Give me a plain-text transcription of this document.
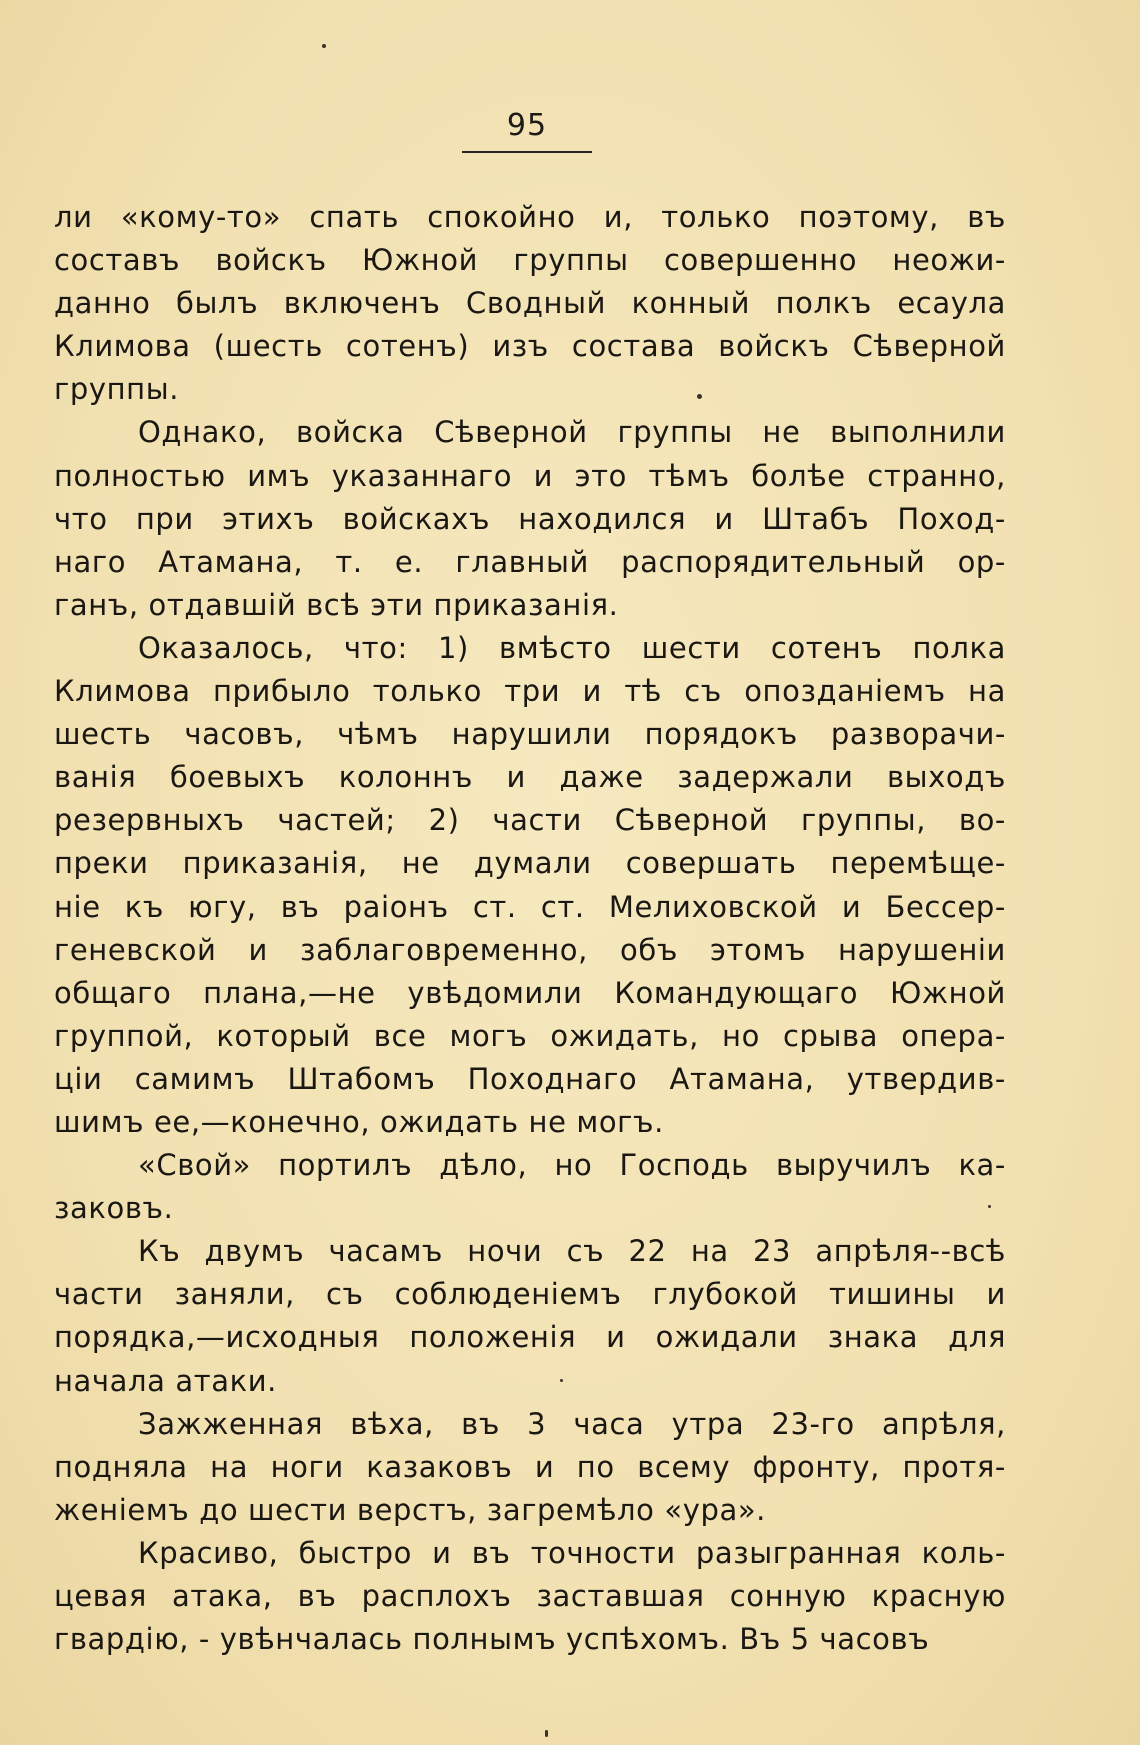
95
ли «кому-то» спать спокойно и, только поэтому, въ
составъ войскъ Южной группы совершенно неожи-
данно былъ включенъ Сводный конный полкъ есаула
Климова (шесть сотенъ) изъ состава войскъ Сѣверной
группы.
Однако, войска Сѣверной группы не выполнили
полностью имъ указаннаго и это тѣмъ болѣе странно,
что при этихъ войскахъ находился и Штабъ Поход-
наго Атамана, т. е. главный распорядительный ор-
ганъ, отдавшій всѣ эти приказанія.
Оказалось, что: 1) вмѣсто шести сотенъ полка
Климова прибыло только три и тѣ съ опозданіемъ на
шесть часовъ, чѣмъ нарушили порядокъ разворачи-
ванія боевыхъ колоннъ и даже задержали выходъ
резервныхъ частей; 2) части Сѣверной группы, во-
преки приказанія, не думали совершать перемѣще-
ніе къ югу, въ раіонъ ст. ст. Мелиховской и Бессер-
геневской и заблаговременно, объ этомъ нарушеніи
общаго плана,—не увѣдомили Командующаго Южной
группой, который все могъ ожидать, но срыва опера-
ціи самимъ Штабомъ Походнаго Атамана, утвердив-
шимъ ее,—конечно, ожидать не могъ.
«Свой» портилъ дѣло, но Господь выручилъ ка-
заковъ.
Къ двумъ часамъ ночи съ 22 на 23 апрѣля--всѣ
части заняли, съ соблюденіемъ глубокой тишины и
порядка,—исходныя положенія и ожидали знака для
начала атаки.
Зажженная вѣха, въ 3 часа утра 23-го апрѣля,
подняла на ноги казаковъ и по всему фронту, протя-
женіемъ до шести верстъ, загремѣло «ура».
Красиво, быстро и въ точности разыгранная коль-
цевая атака, въ расплохъ заставшая сонную красную
гвардію, - увѣнчалась полнымъ успѣхомъ. Въ 5 часовъ
